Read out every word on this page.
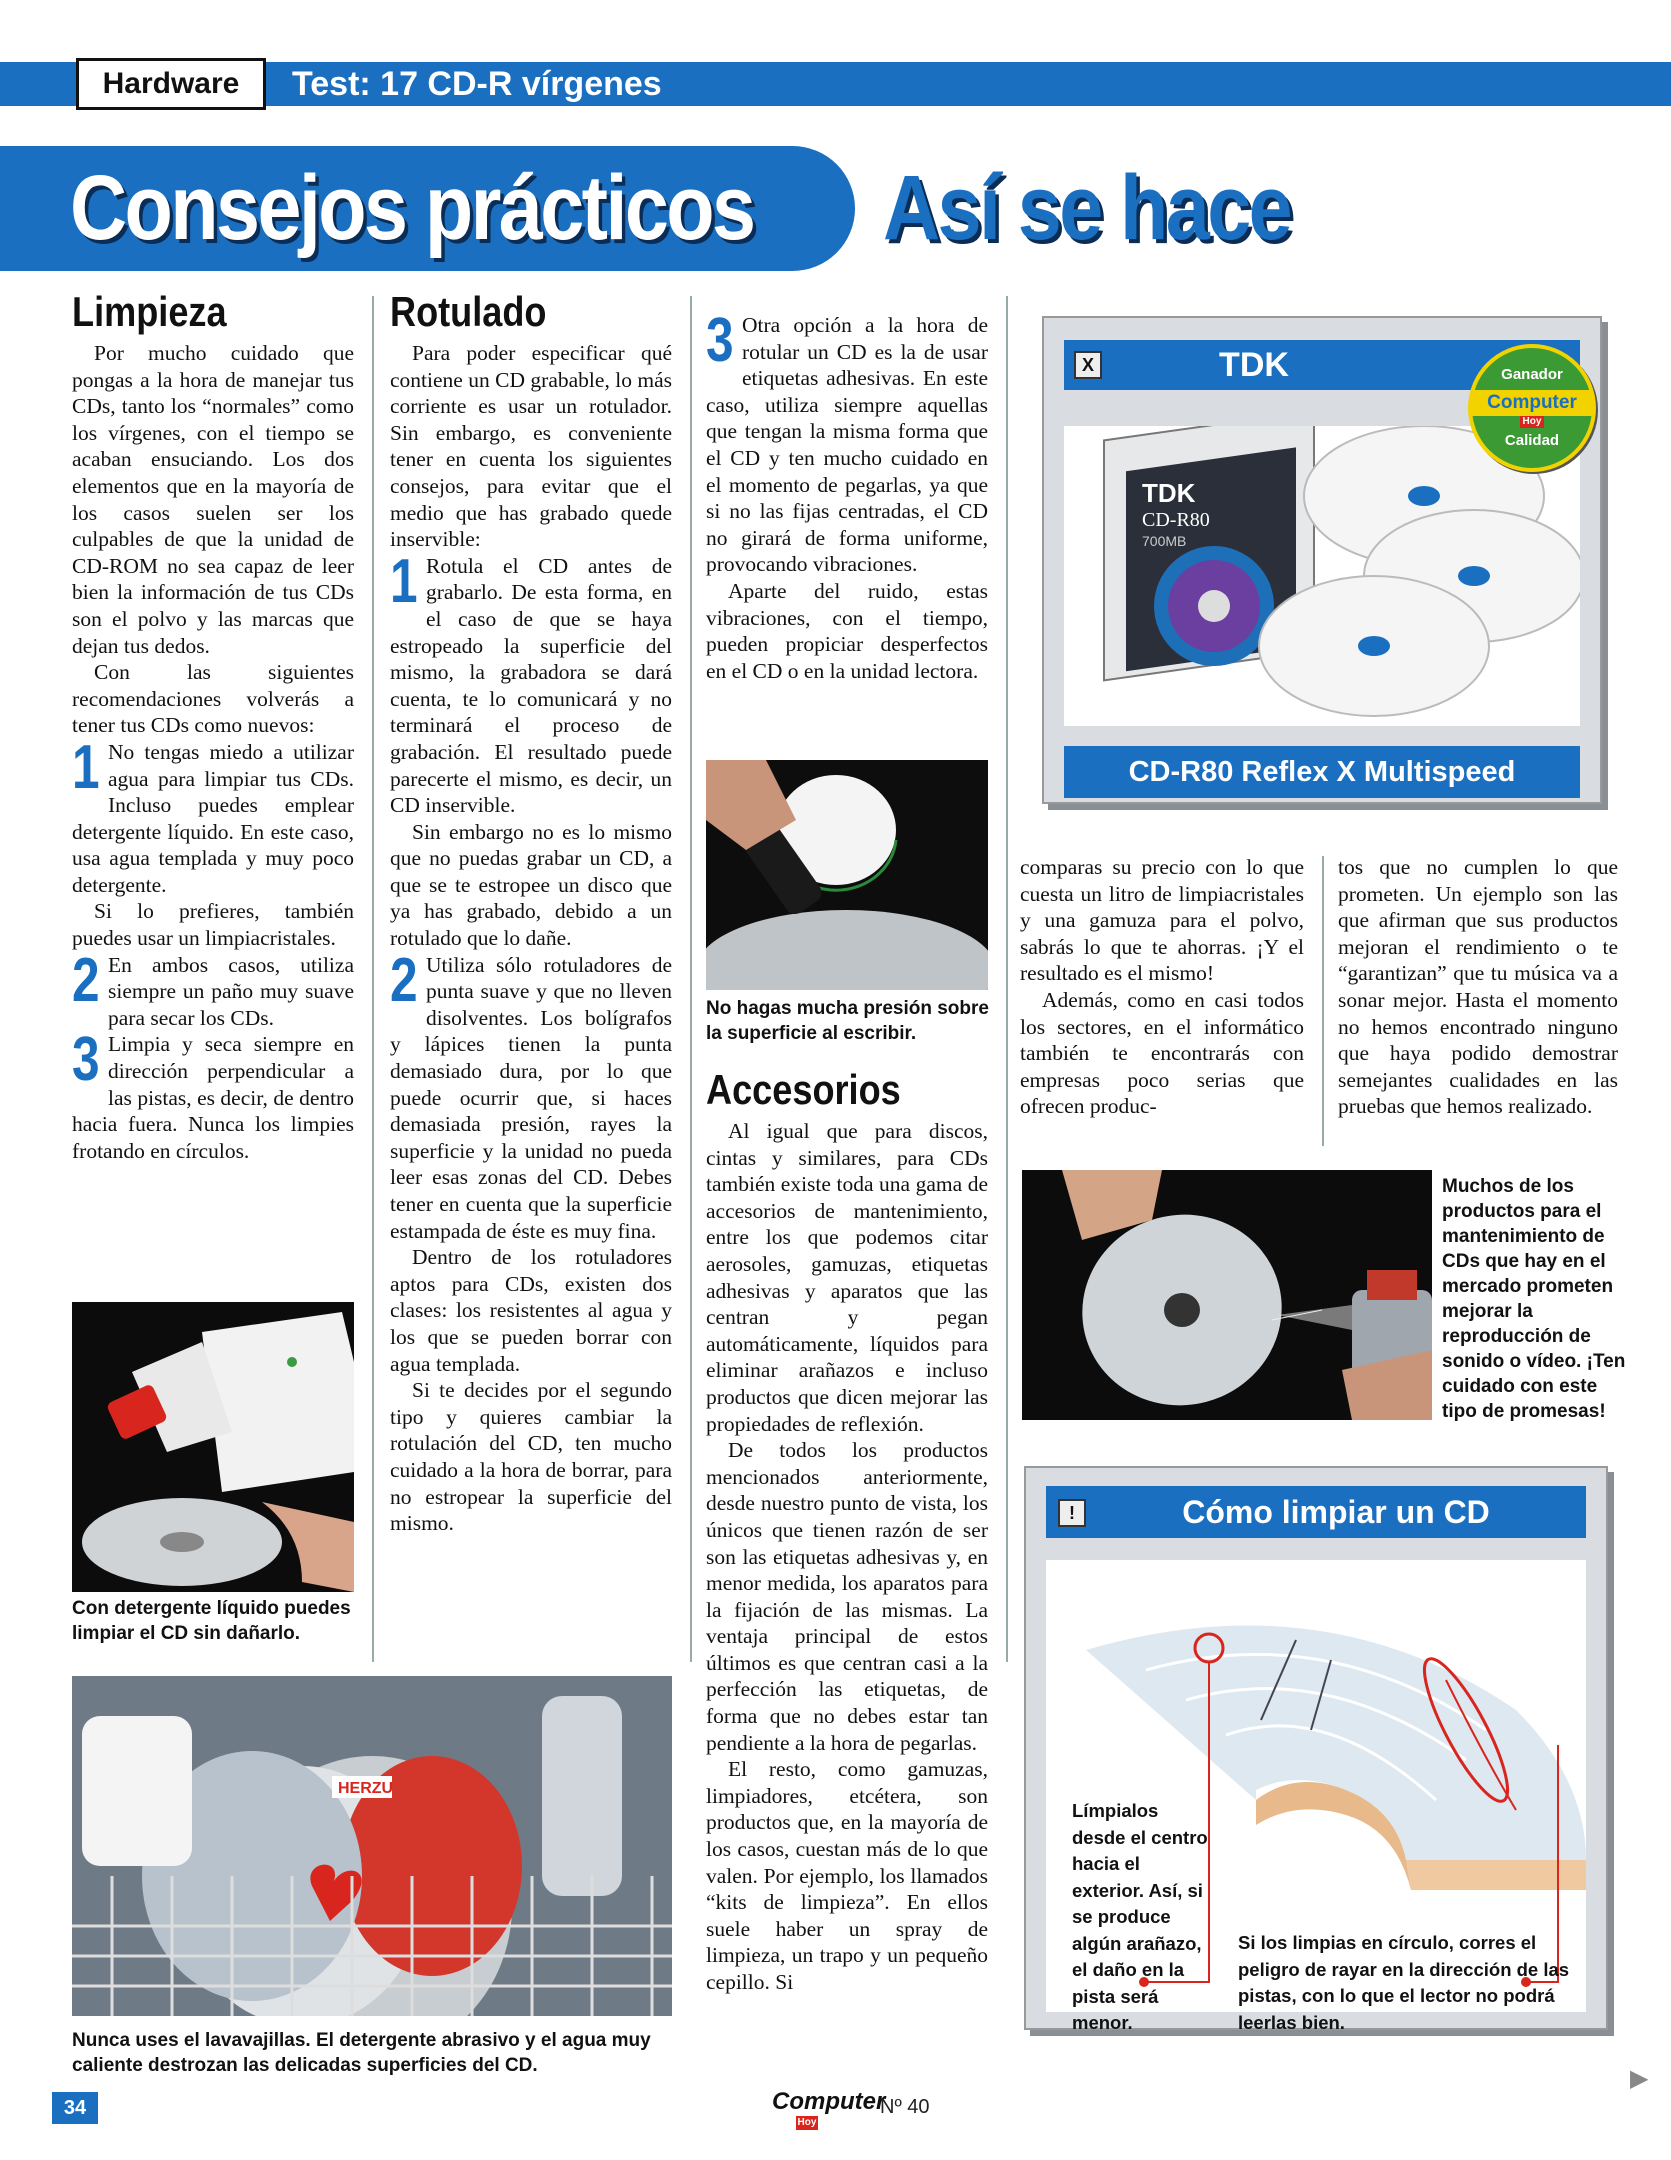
Hardware	Test: 17 CD-R vírgenes
Consejos prácticos Así se hace
Limpieza

Por mucho cuidado que pongas a la hora de manejar tus CDs, tanto los “normales” como los vírgenes, con el tiempo se acaban ensuciando. Los dos elementos que en la mayoría de los casos suelen ser los culpables de que la unidad de CD-ROM no sea capaz de leer bien la información de tus CDs son el polvo y las marcas que dejan tus dedos.

Con las siguientes recomendaciones volverás a tener tus CDs como nuevos:

1 No tengas miedo a utilizar agua para limpiar tus CDs. Incluso puedes emplear detergente líquido. En este caso, usa agua templada y muy poco detergente.

Si lo prefieres, también puedes usar un limpiacristales.

2 En ambos casos, utiliza siempre un paño muy suave para secar los CDs.

3 Limpia y seca siempre en dirección perpendicular a las pistas, es decir, de dentro hacia fuera. Nunca los limpies frotando en círculos.

Con detergente líquido puedes limpiar el CD sin dañarlo.
Rotulado

Para poder especificar qué contiene un CD grabable, lo más corriente es usar un rotulador. Sin embargo, es conveniente tener en cuenta los siguientes consejos, para evitar que el medio que has grabado quede inservible:

1 Rotula el CD antes de grabarlo. De esta forma, en el caso de que se haya estropeado la superficie del mismo, la grabadora se dará cuenta, te lo comunicará y no terminará el proceso de grabación. El resultado puede parecerte el mismo, es decir, un CD inservible.

Sin embargo no es lo mismo que no puedas grabar un CD, a que se te estropee un disco que ya has grabado, debido a un rotulado que lo dañe.

2 Utiliza sólo rotuladores de punta suave y que no lleven disolventes. Los bolígrafos y lápices tienen la punta demasiado dura, por lo que puede ocurrir que, si haces demasiada presión, rayes la superficie y la unidad no pueda leer esas zonas del CD. Debes tener en cuenta que la superficie estampada de éste es muy fina.

Dentro de los rotuladores aptos para CDs, existen dos clases: los resistentes al agua y los que se pueden borrar con agua templada.

Si te decides por el segundo tipo y quieres cambiar la rotulación del CD, ten mucho cuidado a la hora de borrar, para no estropear la superficie del mismo.

3 Otra opción a la hora de rotular un CD es la de usar etiquetas adhesivas. En este caso, utiliza siempre aquellas que tengan la misma forma que el CD y ten mucho cuidado en el momento de pegarlas, ya que si no las fijas centradas, el CD no girará de forma uniforme, provocando vibraciones.

Aparte del ruido, estas vibraciones, con el tiempo, pueden propiciar desperfectos en el CD o en la unidad lectora.

No hagas mucha presión sobre la superficie al escribir.
Accesorios

Al igual que para discos, cintas y similares, para CDs también existe toda una gama de accesorios de mantenimiento, entre los que podemos citar aerosoles, gamuzas, etiquetas adhesivas y aparatos que las centran y pegan automáticamente, líquidos para eliminar arañazos e incluso productos que dicen mejorar las propiedades de reflexión.

De todos los productos mencionados anteriormente, desde nuestro punto de vista, los únicos que tienen razón de ser son las etiquetas adhesivas y, en menor medida, los aparatos para la fijación de las mismas. La ventaja principal de estos últimos es que centran casi a la perfección las etiquetas, de forma que no debes estar tan pendiente a la hora de pegarlas.

El resto, como gamuzas, limpiadores, etcétera, son productos que, en la mayoría de los casos, cuestan más de lo que valen. Por ejemplo, los llamados “kits de limpieza”. En ellos suele haber un spray de limpieza, un trapo y un pequeño cepillo. Si

X	TDK
TDK
CD-R80
700MB
CD-R80 Reflex X Multispeed
Ganador
Computer
Hoy
Calidad

comparas su precio con lo que cuesta un litro de limpiacristales y una gamuza para el polvo, sabrás lo que te ahorras. ¡Y el resultado es el mismo!

Además, como en casi todos los sectores, en el informático también te encontrarás con empresas poco serias que ofrecen produc-

tos que no cumplen lo que prometen. Un ejemplo son las que afirman que sus productos mejoran el rendimiento o te “garantizan” que tu música va a sonar mejor. Hasta el momento no hemos encontrado ninguno que haya podido demostrar semejantes cualidades en las pruebas que hemos realizado.

Muchos de los productos para el mantenimiento de CDs que hay en el mercado prometen mejorar la reproducción de sonido o vídeo. ¡Ten cuidado con este tipo de promesas!
!	Cómo limpiar un CD
Límpialos desde el centro hacia el exterior. Así, si se produce algún arañazo, el daño en la pista será menor.
Si los limpias en círculo, corres el peligro de rayar en la dirección de las pistas, con lo que el lector no podrá leerlas bien.
HERZU
Nunca uses el lavavajillas. El detergente abrasivo y el agua muy caliente destrozan las delicadas superficies del CD.
34	Computer
Hoy
Nº 40
▶
